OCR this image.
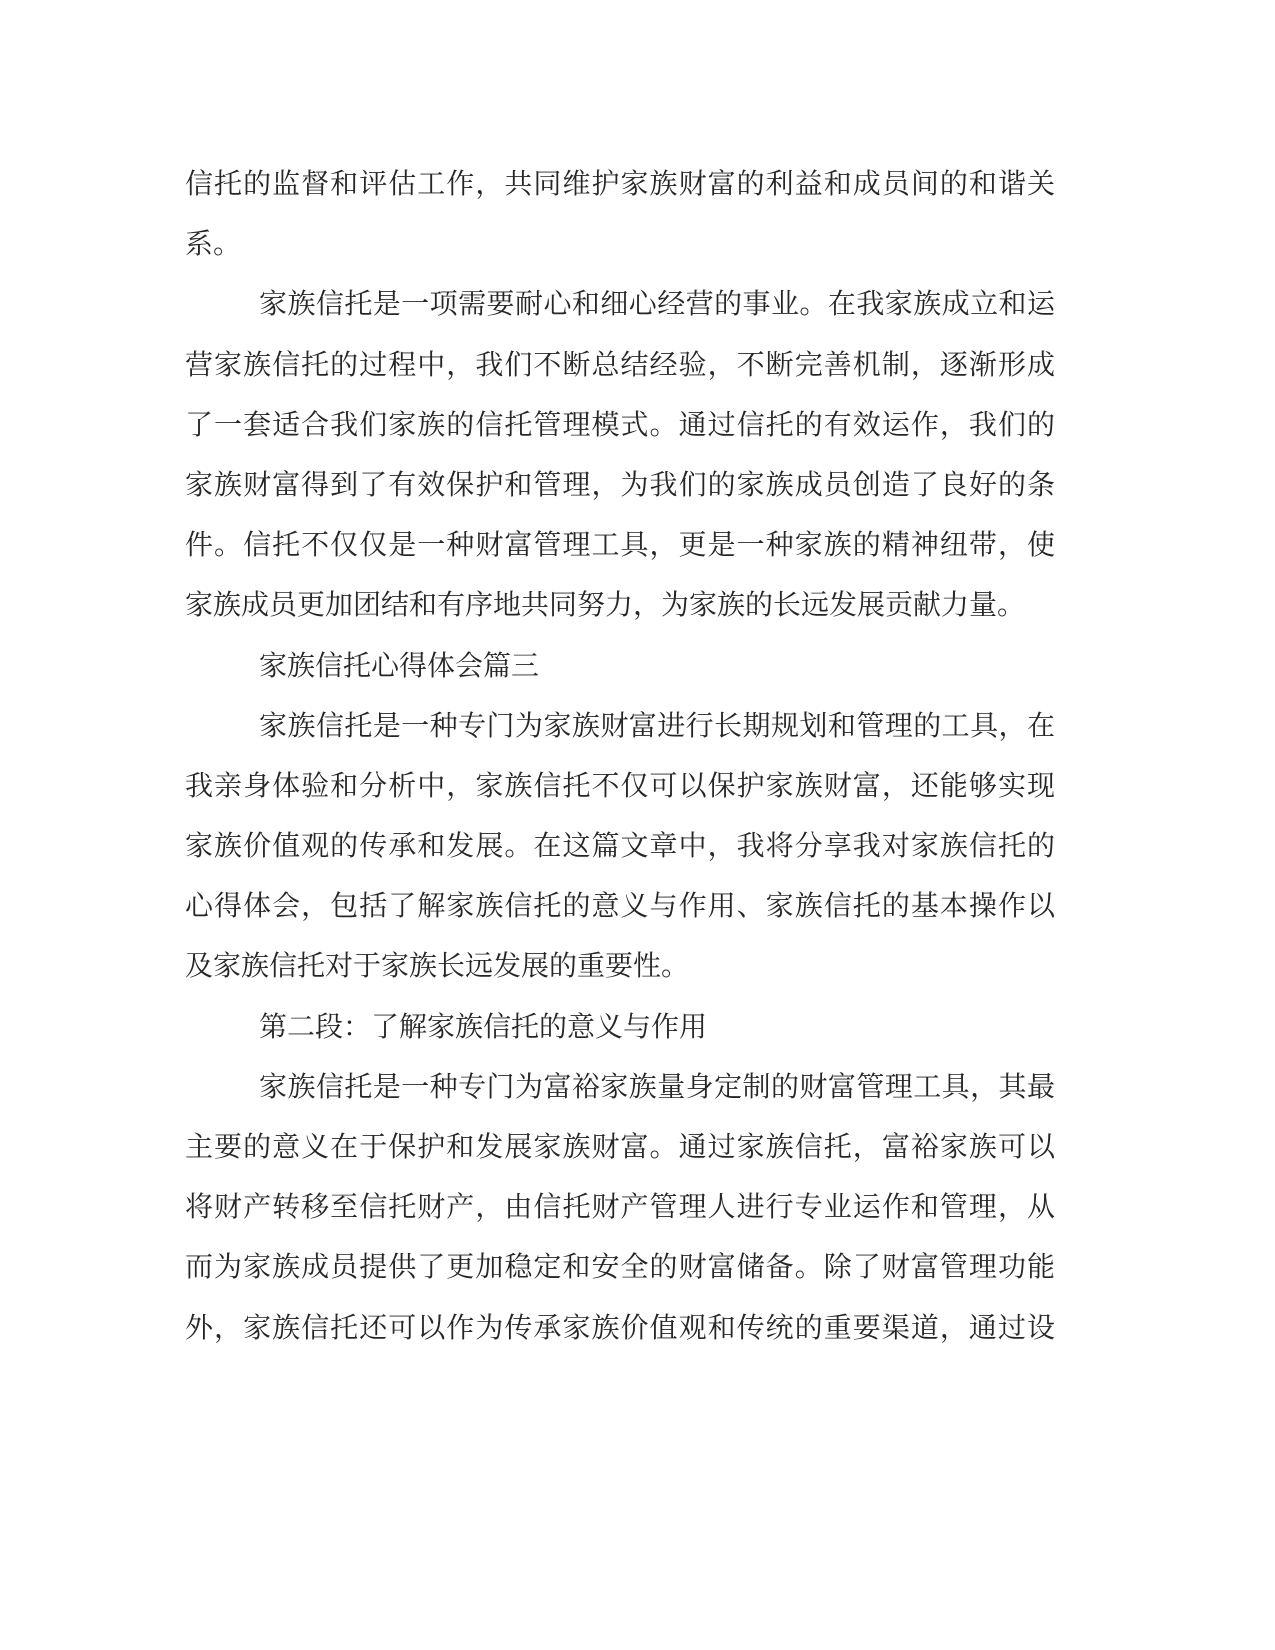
信托的监督和评估工作，共同维护家族财富的利益和成员间的和谐关
系。
家族信托是一项需要耐心和细心经营的事业。在我家族成立和运
营家族信托的过程中，我们不断总结经验，不断完善机制，逐渐形成
了一套适合我们家族的信托管理模式。通过信托的有效运作，我们的
家族财富得到了有效保护和管理，为我们的家族成员创造了良好的条
件。信托不仅仅是一种财富管理工具，更是一种家族的精神纽带，使
家族成员更加团结和有序地共同努力，为家族的长远发展贡献力量。
家族信托心得体会篇三
家族信托是一种专门为家族财富进行长期规划和管理的工具，在
我亲身体验和分析中，家族信托不仅可以保护家族财富，还能够实现
家族价值观的传承和发展。在这篇文章中，我将分享我对家族信托的
心得体会，包括了解家族信托的意义与作用、家族信托的基本操作以
及家族信托对于家族长远发展的重要性。
第二段：了解家族信托的意义与作用
家族信托是一种专门为富裕家族量身定制的财富管理工具，其最
主要的意义在于保护和发展家族财富。通过家族信托，富裕家族可以
将财产转移至信托财产，由信托财产管理人进行专业运作和管理，从
而为家族成员提供了更加稳定和安全的财富储备。除了财富管理功能
外，家族信托还可以作为传承家族价值观和传统的重要渠道，通过设
